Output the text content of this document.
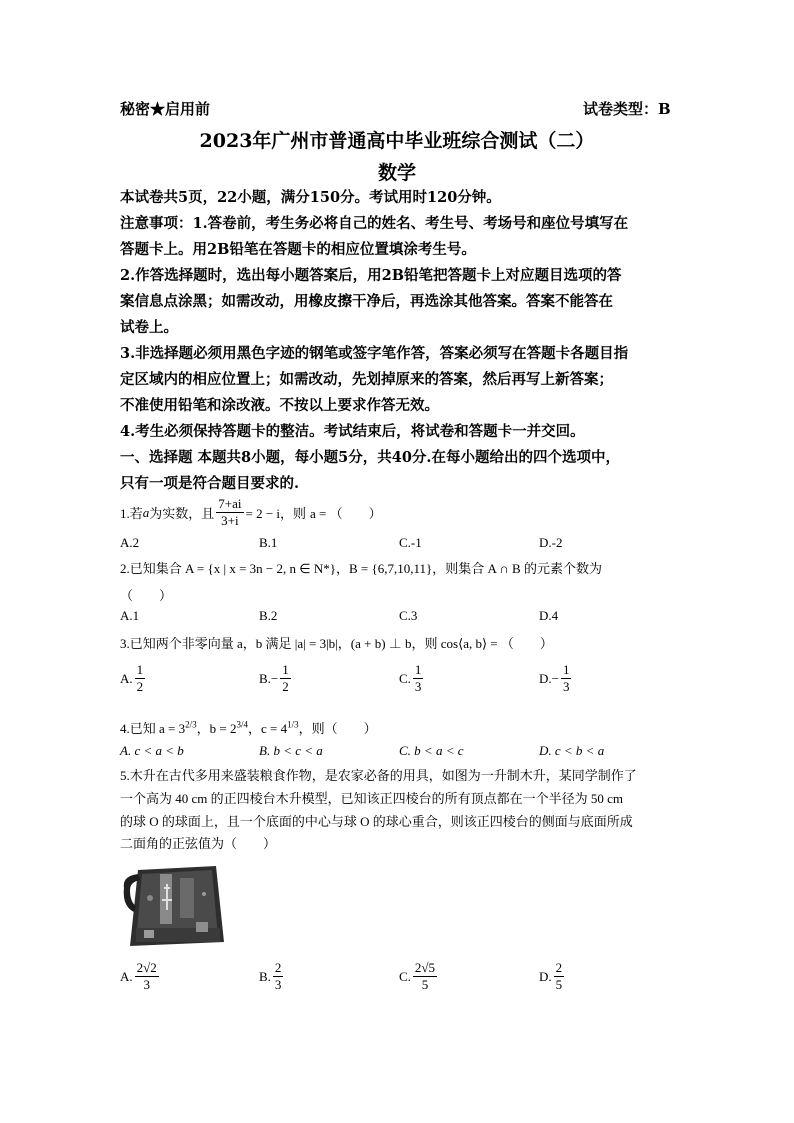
秘密★启用前	试卷类型：B
2023年广州市普通高中毕业班综合测试（二）
数学
本试卷共5页，22小题，满分150分。考试用时120分钟。
注意事项：1.答卷前，考生务必将自己的姓名、考生号、考场号和座位号填写在
答题卡上。用2B铅笔在答题卡的相应位置填涂考生号。
2.作答选择题时，选出每小题答案后，用2B铅笔把答题卡上对应题目选项的答
案信息点涂黑；如需改动，用橡皮擦干净后，再选涂其他答案。答案不能答在
试卷上。
3.非选择题必须用黑色字迹的钢笔或签字笔作答，答案必须写在答题卡各题目指
定区域内的相应位置上；如需改动，先划掉原来的答案，然后再写上新答案；
不准使用铅笔和涂改液。不按以上要求作答无效。
4.考生必须保持答题卡的整洁。考试结束后，将试卷和答题卡一并交回。
一、选择题 本题共8小题，每小题5分，共40分.在每小题给出的四个选项中，
只有一项是符合题目要求的.
1.若 a 为实数，且 $\frac{7+ai}{3+i} = 2 - i$，则 a = （　　）
A.2	B.1	C.-1	D.-2
2.已知集合 A = {x | x = 3n − 2, n ∈ N*}，B = {6,7,10,11}，则集合 A ∩ B 的元素个数为
（　　）
A.1	B.2	C.3	D.4
3.已知两个非零向量 a，b 满足 |a| = 3|b|，(a + b) ⊥ b，则 cos⟨a, b⟩ = （　　）
A. $\frac{1}{2}$	B. − $\frac{1}{2}$	C. $\frac{1}{3}$	D. − $\frac{1}{3}$
4.已知 $a = 3^{2/3}$，$b = 2^{3/4}$，$c = 4^{1/3}$，则（　　）
A. c < a < b	B. b < c < a	C. b < a < c	D. c < b < a
5.木升在古代多用来盛装粮食作物，是农家必备的用具，如图为一升制木升，某同学制作了
一个高为 40 cm 的正四棱台木升模型，已知该正四棱台的所有顶点都在一个半径为 50 cm
的球 O 的球面上，且一个底面的中心与球 O 的球心重合，则该正四棱台的侧面与底面所成
二面角的正弦值为（　　）
A. $\frac{2√2}{3}$	B. $\frac{2}{3}$	C. $\frac{2√5}{5}$	D. $\frac{2}{5}$
